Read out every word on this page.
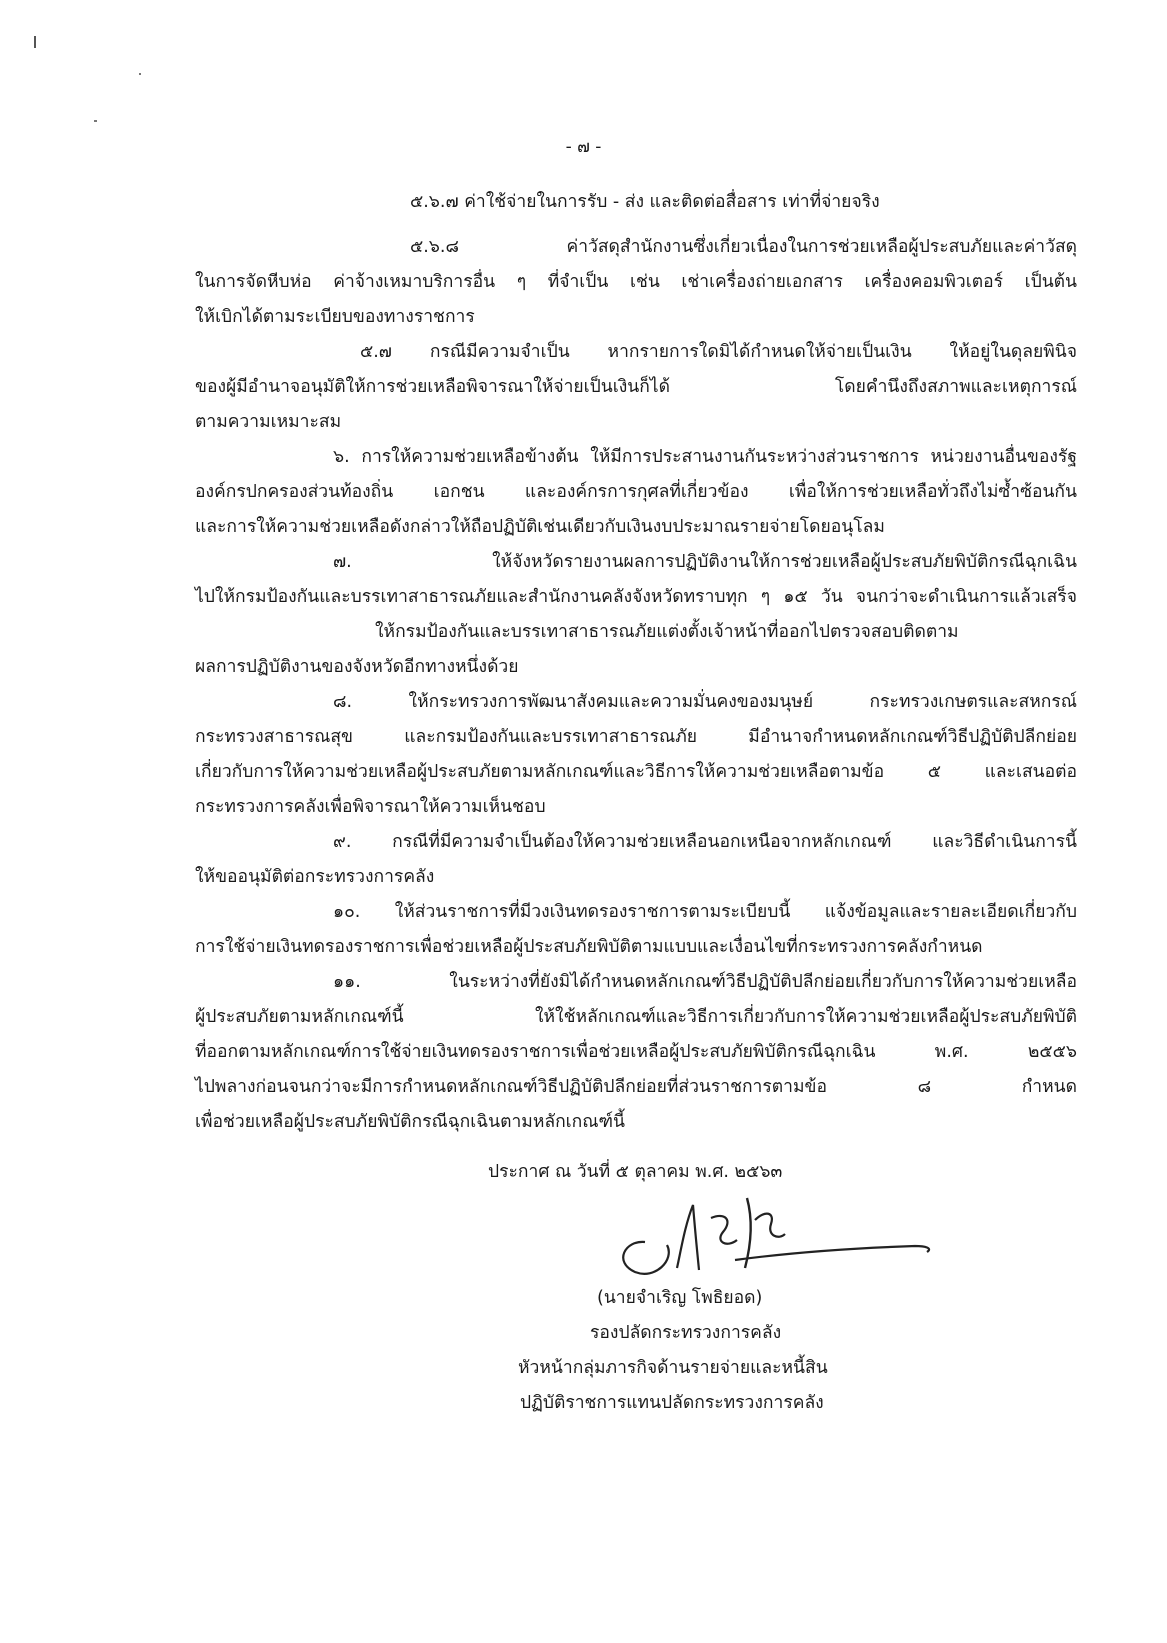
- ๗ -
๕.๖.๗ ค่าใช้จ่ายในการรับ - ส่ง และติดต่อสื่อสาร เท่าที่จ่ายจริง
๕.๖.๘ ค่าวัสดุสำนักงานซึ่งเกี่ยวเนื่องในการช่วยเหลือผู้ประสบภัยและค่าวัสดุ
ในการจัดหีบห่อ ค่าจ้างเหมาบริการอื่น ๆ ที่จำเป็น เช่น เช่าเครื่องถ่ายเอกสาร เครื่องคอมพิวเตอร์ เป็นต้น
ให้เบิกได้ตามระเบียบของทางราชการ
๕.๗ กรณีมีความจำเป็น หากรายการใดมิได้กำหนดให้จ่ายเป็นเงิน ให้อยู่ในดุลยพินิจ
ของผู้มีอำนาจอนุมัติให้การช่วยเหลือพิจารณาให้จ่ายเป็นเงินก็ได้ โดยคำนึงถึงสภาพและเหตุการณ์
ตามความเหมาะสม
๖. การให้ความช่วยเหลือข้างต้น ให้มีการประสานงานกันระหว่างส่วนราชการ หน่วยงานอื่นของรัฐ
องค์กรปกครองส่วนท้องถิ่น เอกชน และองค์กรการกุศลที่เกี่ยวข้อง เพื่อให้การช่วยเหลือทั่วถึงไม่ซ้ำซ้อนกัน
และการให้ความช่วยเหลือดังกล่าวให้ถือปฏิบัติเช่นเดียวกับเงินงบประมาณรายจ่ายโดยอนุโลม
๗. ให้จังหวัดรายงานผลการปฏิบัติงานให้การช่วยเหลือผู้ประสบภัยพิบัติกรณีฉุกเฉิน
ไปให้กรมป้องกันและบรรเทาสาธารณภัยและสำนักงานคลังจังหวัดทราบทุก ๆ ๑๕ วัน จนกว่าจะดำเนินการแล้วเสร็จ
ให้กรมป้องกันและบรรเทาสาธารณภัยแต่งตั้งเจ้าหน้าที่ออกไปตรวจสอบติดตาม
ผลการปฏิบัติงานของจังหวัดอีกทางหนึ่งด้วย
๘. ให้กระทรวงการพัฒนาสังคมและความมั่นคงของมนุษย์ กระทรวงเกษตรและสหกรณ์
กระทรวงสาธารณสุข และกรมป้องกันและบรรเทาสาธารณภัย มีอำนาจกำหนดหลักเกณฑ์วิธีปฏิบัติปลีกย่อย
เกี่ยวกับการให้ความช่วยเหลือผู้ประสบภัยตามหลักเกณฑ์และวิธีการให้ความช่วยเหลือตามข้อ ๕ และเสนอต่อ
กระทรวงการคลังเพื่อพิจารณาให้ความเห็นชอบ
๙. กรณีที่มีความจำเป็นต้องให้ความช่วยเหลือนอกเหนือจากหลักเกณฑ์ และวิธีดำเนินการนี้
ให้ขออนุมัติต่อกระทรวงการคลัง
๑๐. ให้ส่วนราชการที่มีวงเงินทดรองราชการตามระเบียบนี้ แจ้งข้อมูลและรายละเอียดเกี่ยวกับ
การใช้จ่ายเงินทดรองราชการเพื่อช่วยเหลือผู้ประสบภัยพิบัติตามแบบและเงื่อนไขที่กระทรวงการคลังกำหนด
๑๑. ในระหว่างที่ยังมิได้กำหนดหลักเกณฑ์วิธีปฏิบัติปลีกย่อยเกี่ยวกับการให้ความช่วยเหลือ
ผู้ประสบภัยตามหลักเกณฑ์นี้ ให้ใช้หลักเกณฑ์และวิธีการเกี่ยวกับการให้ความช่วยเหลือผู้ประสบภัยพิบัติ
ที่ออกตามหลักเกณฑ์การใช้จ่ายเงินทดรองราชการเพื่อช่วยเหลือผู้ประสบภัยพิบัติกรณีฉุกเฉิน พ.ศ. ๒๕๕๖
ไปพลางก่อนจนกว่าจะมีการกำหนดหลักเกณฑ์วิธีปฏิบัติปลีกย่อยที่ส่วนราชการตามข้อ ๘ กำหนด
เพื่อช่วยเหลือผู้ประสบภัยพิบัติกรณีฉุกเฉินตามหลักเกณฑ์นี้
ประกาศ ณ วันที่ ๕ ตุลาคม พ.ศ. ๒๕๖๓
(นายจำเริญ โพธิยอด)
รองปลัดกระทรวงการคลัง
หัวหน้ากลุ่มภารกิจด้านรายจ่ายและหนี้สิน
ปฏิบัติราชการแทนปลัดกระทรวงการคลัง
